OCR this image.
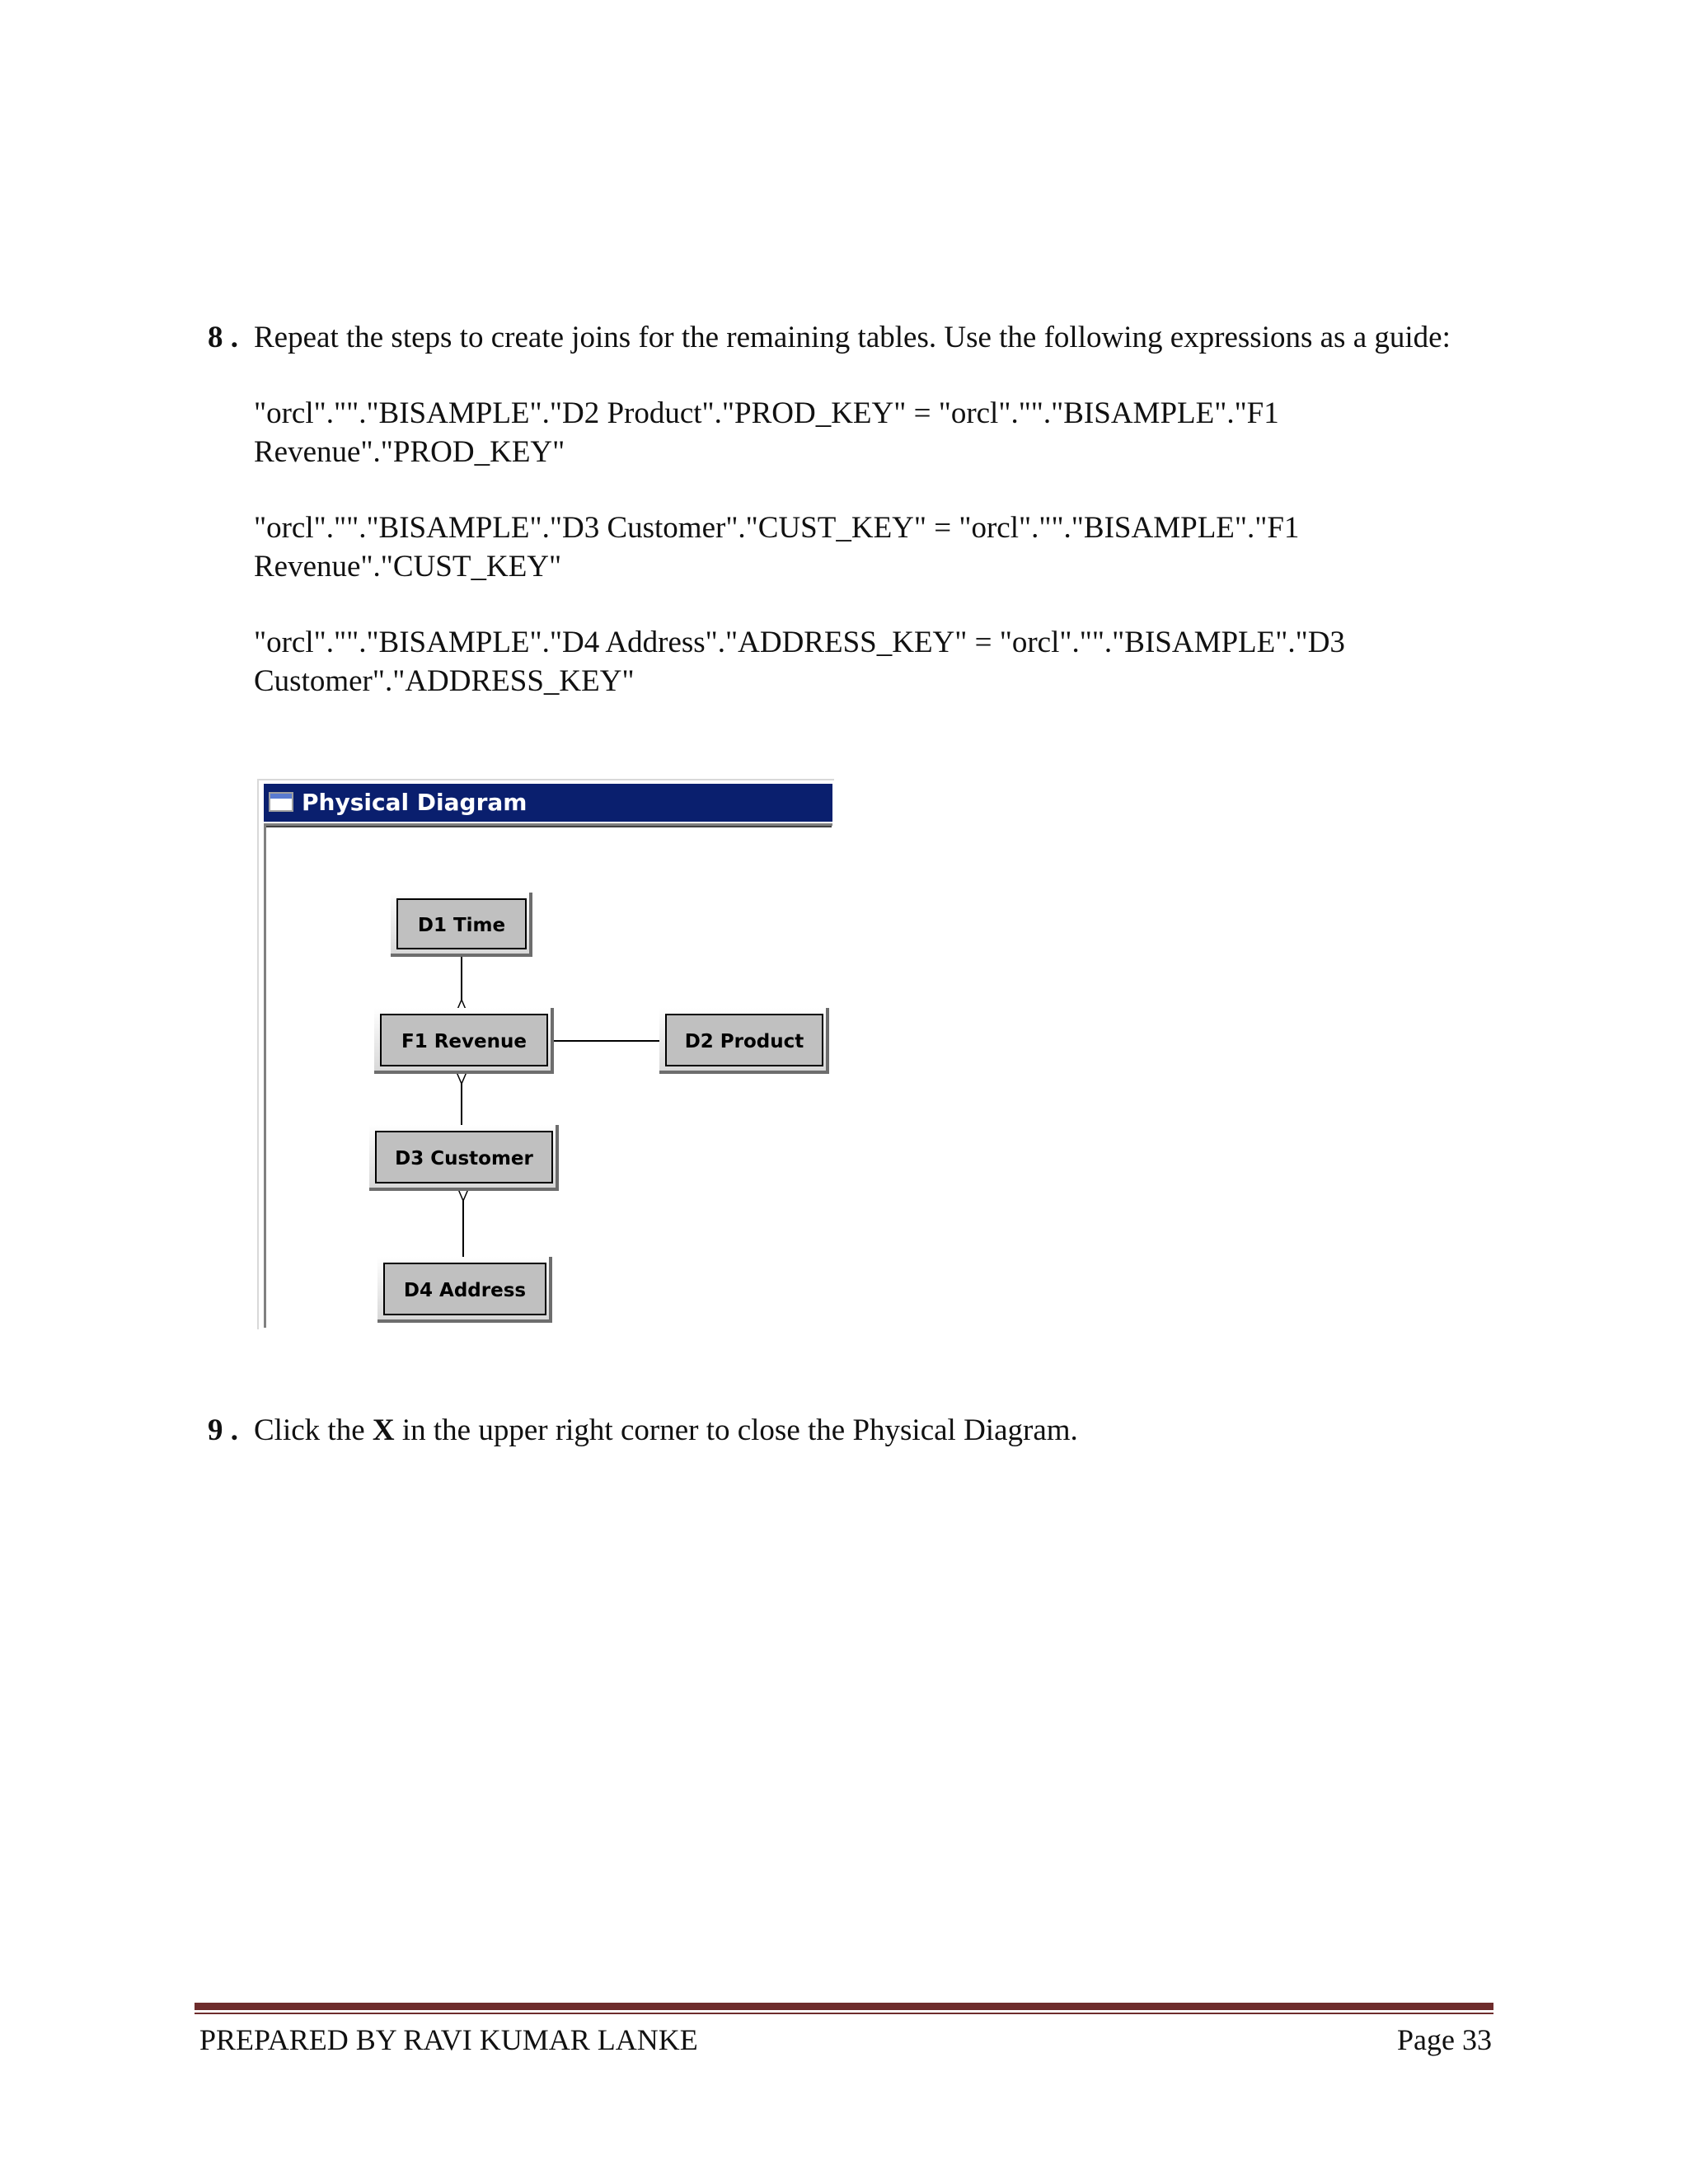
8 . Repeat the steps to create joins for the remaining tables. Use the following expressions as a guide:
"orcl".""."BISAMPLE"."D2 Product"."PROD_KEY" = "orcl".""."BISAMPLE"."F1
Revenue"."PROD_KEY"
"orcl".""."BISAMPLE"."D3 Customer"."CUST_KEY" = "orcl".""."BISAMPLE"."F1
Revenue"."CUST_KEY"
"orcl".""."BISAMPLE"."D4 Address"."ADDRESS_KEY" = "orcl".""."BISAMPLE"."D3
Customer"."ADDRESS_KEY"
Physical Diagram
D1 Time
F1 Revenue	D2 Product
D3 Customer
D4 Address
9 . Click the X in the upper right corner to close the Physical Diagram.
PREPARED BY RAVI KUMAR LANKE	Page 33
